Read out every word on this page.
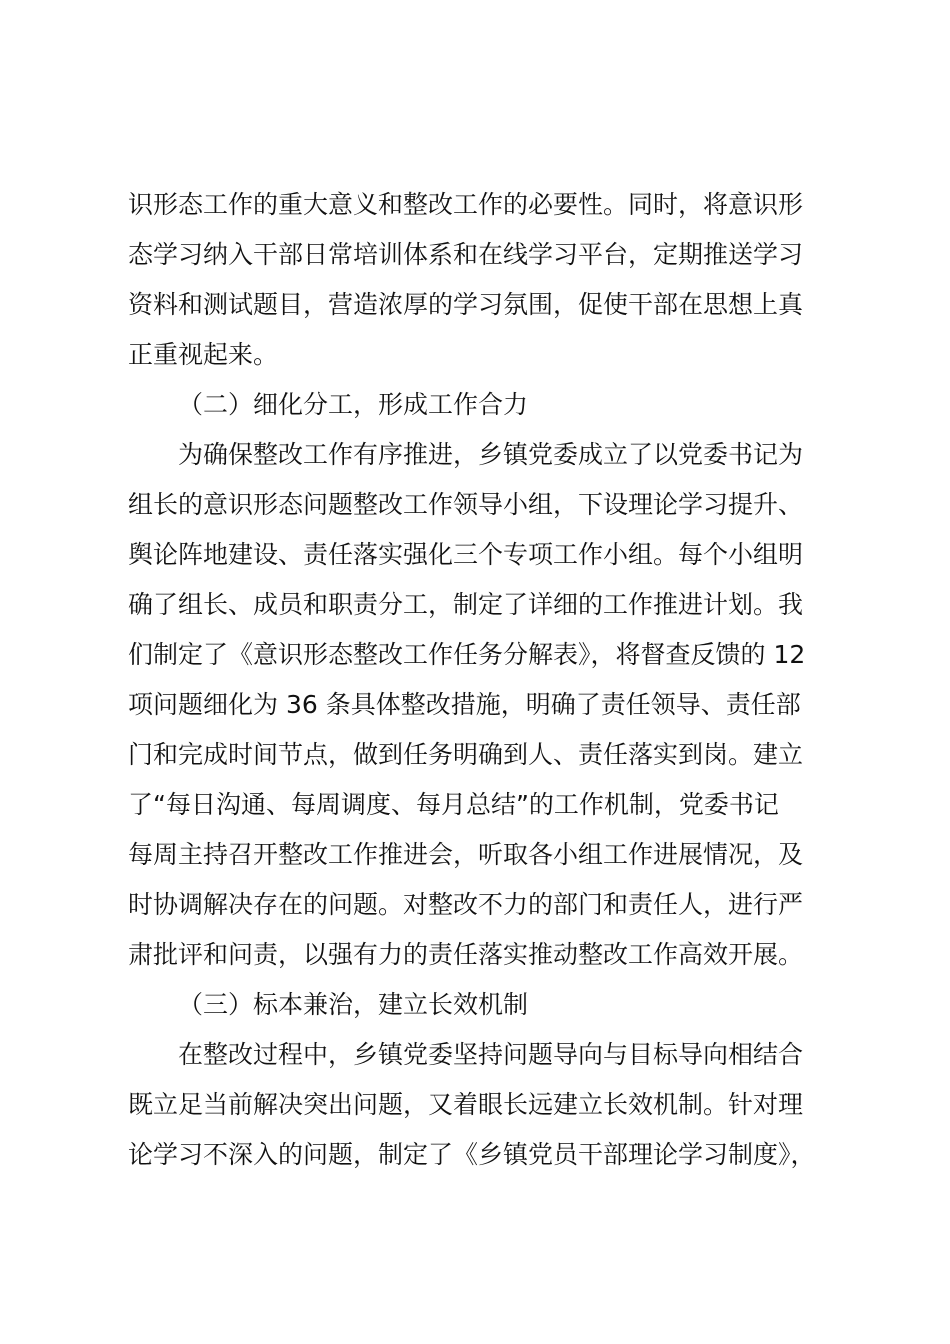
识形态工作的重大意义和整改工作的必要性。同时，将意识形
态学习纳入干部日常培训体系和在线学习平台，定期推送学习
资料和测试题目，营造浓厚的学习氛围，促使干部在思想上真
正重视起来。
（二）细化分工，形成工作合力
为确保整改工作有序推进，乡镇党委成立了以党委书记为
组长的意识形态问题整改工作领导小组，下设理论学习提升、
舆论阵地建设、责任落实强化三个专项工作小组。每个小组明
确了组长、成员和职责分工，制定了详细的工作推进计划。我
们制定了《意识形态整改工作任务分解表》，将督查反馈的 12
项问题细化为 36 条具体整改措施，明确了责任领导、责任部
门和完成时间节点，做到任务明确到人、责任落实到岗。建立
了“每日沟通、每周调度、每月总结”的工作机制，党委书记
每周主持召开整改工作推进会，听取各小组工作进展情况，及
时协调解决存在的问题。对整改不力的部门和责任人，进行严
肃批评和问责，以强有力的责任落实推动整改工作高效开展。
（三）标本兼治，建立长效机制
在整改过程中，乡镇党委坚持问题导向与目标导向相结合
既立足当前解决突出问题，又着眼长远建立长效机制。针对理
论学习不深入的问题，制定了《乡镇党员干部理论学习制度》，
